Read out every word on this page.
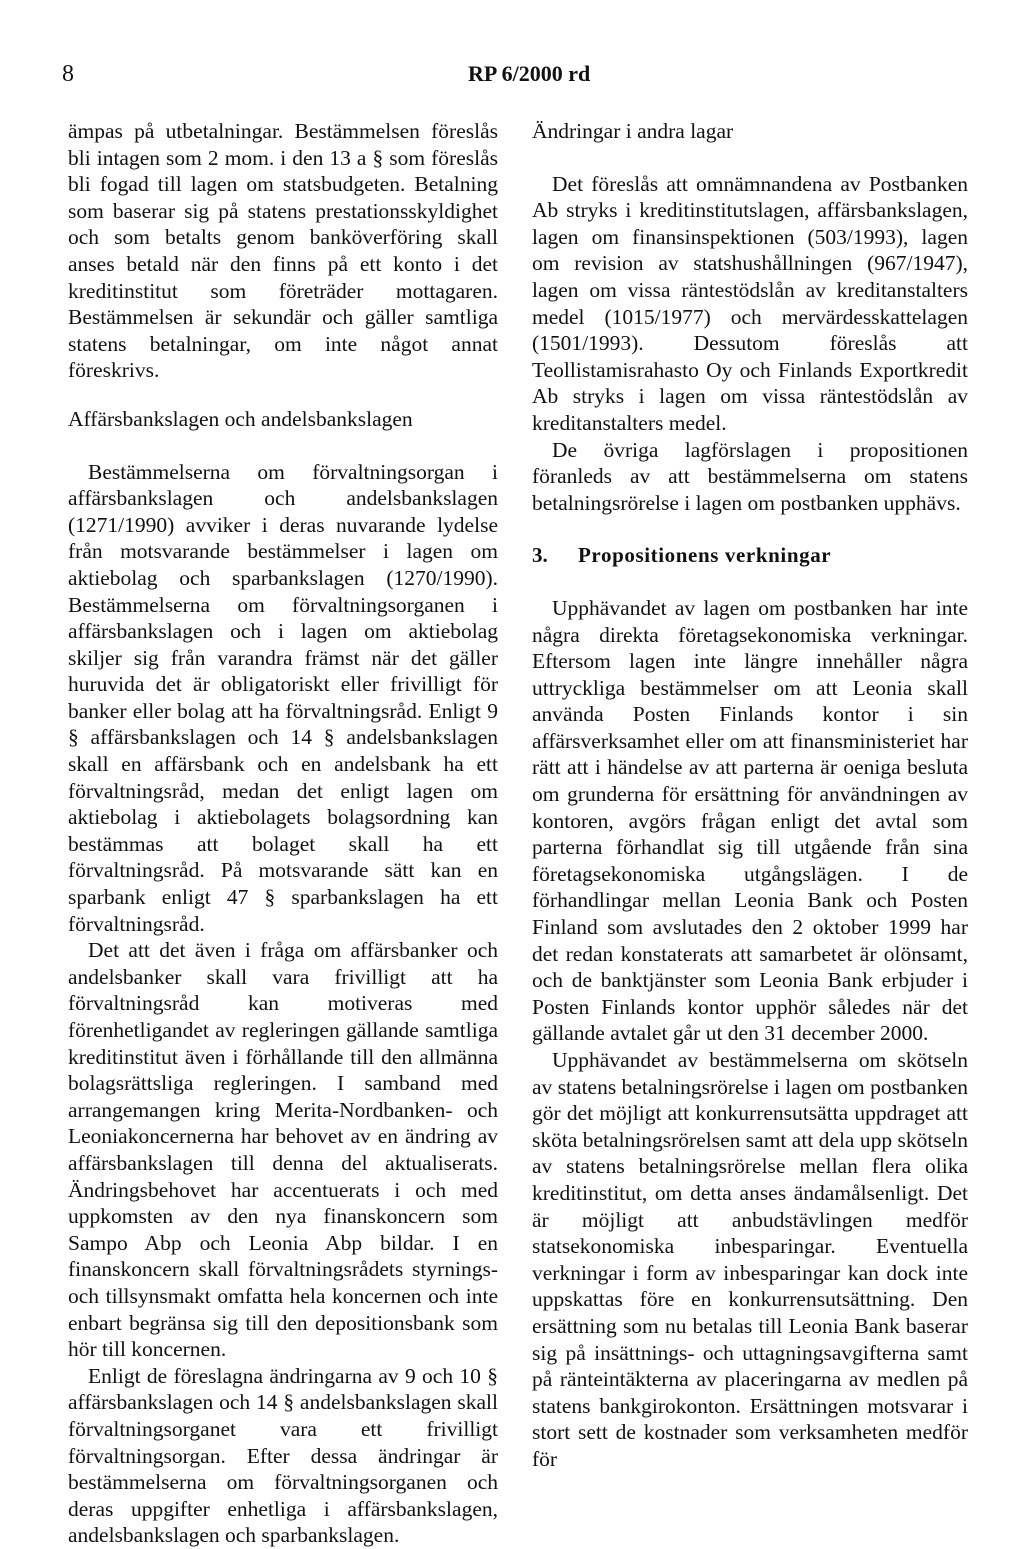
8	RP 6/2000 rd

ämpas på utbetalningar. Bestämmelsen föreslås bli intagen som 2 mom. i den 13 a § som föreslås bli fogad till lagen om statsbudgeten. Betalning som baserar sig på statens prestationsskyldighet och som betalts genom banköverföring skall anses betald när den finns på ett konto i det kreditinstitut som företräder mottagaren. Bestämmelsen är sekundär och gäller samtliga statens betalningar, om inte något annat föreskrivs.

Affärsbankslagen och andelsbankslagen

Bestämmelserna om förvaltningsorgan i affärsbankslagen och andelsbankslagen (1271/1990) avviker i deras nuvarande lydelse från motsvarande bestämmelser i lagen om aktiebolag och sparbankslagen (1270/1990). Bestämmelserna om förvaltningsorganen i affärsbankslagen och i lagen om aktiebolag skiljer sig från varandra främst när det gäller huruvida det är obligatoriskt eller frivilligt för banker eller bolag att ha förvaltningsråd. Enligt 9 § affärsbankslagen och 14 § andelsbankslagen skall en affärsbank och en andelsbank ha ett förvaltningsråd, medan det enligt lagen om aktiebolag i aktiebolagets bolagsordning kan bestämmas att bolaget skall ha ett förvaltningsråd. På motsvarande sätt kan en sparbank enligt 47 § sparbankslagen ha ett förvaltningsråd.

Det att det även i fråga om affärsbanker och andelsbanker skall vara frivilligt att ha förvaltningsråd kan motiveras med förenhetligandet av regleringen gällande samtliga kreditinstitut även i förhållande till den allmänna bolagsrättsliga regleringen. I samband med arrangemangen kring Merita-Nordbanken- och Leoniakoncernerna har behovet av en ändring av affärsbankslagen till denna del aktualiserats. Ändringsbehovet har accentuerats i och med uppkomsten av den nya finanskoncern som Sampo Abp och Leonia Abp bildar. I en finanskoncern skall förvaltningsrådets styrnings- och tillsynsmakt omfatta hela koncernen och inte enbart begränsa sig till den depositionsbank som hör till koncernen.

Enligt de föreslagna ändringarna av 9 och 10 § affärsbankslagen och 14 § andelsbankslagen skall förvaltningsorganet vara ett frivilligt förvaltningsorgan. Efter dessa ändringar är bestämmelserna om förvaltningsorganen och deras uppgifter enhetliga i affärsbankslagen, andelsbankslagen och sparbankslagen.

Ändringar i andra lagar

Det föreslås att omnämnandena av Postbanken Ab stryks i kreditinstitutslagen, affärsbankslagen, lagen om finansinspektionen (503/1993), lagen om revision av statshushållningen (967/1947), lagen om vissa räntestödslån av kreditanstalters medel (1015/1977) och mervärdesskattelagen (1501/1993). Dessutom föreslås att Teollistamisrahasto Oy och Finlands Exportkredit Ab stryks i lagen om vissa räntestödslån av kreditanstalters medel.

De övriga lagförslagen i propositionen föranleds av att bestämmelserna om statens betalningsrörelse i lagen om postbanken upphävs.

3. Propositionens verkningar

Upphävandet av lagen om postbanken har inte några direkta företagsekonomiska verkningar. Eftersom lagen inte längre innehåller några uttryckliga bestämmelser om att Leonia skall använda Posten Finlands kontor i sin affärsverksamhet eller om att finansministeriet har rätt att i händelse av att parterna är oeniga besluta om grunderna för ersättning för användningen av kontoren, avgörs frågan enligt det avtal som parterna förhandlat sig till utgående från sina företagsekonomiska utgångslägen. I de förhandlingar mellan Leonia Bank och Posten Finland som avslutades den 2 oktober 1999 har det redan konstaterats att samarbetet är olönsamt, och de banktjänster som Leonia Bank erbjuder i Posten Finlands kontor upphör således när det gällande avtalet går ut den 31 december 2000.

Upphävandet av bestämmelserna om skötseln av statens betalningsrörelse i lagen om postbanken gör det möjligt att konkurrensutsätta uppdraget att sköta betalningsrörelsen samt att dela upp skötseln av statens betalningsrörelse mellan flera olika kreditinstitut, om detta anses ändamålsenligt. Det är möjligt att anbudstävlingen medför statsekonomiska inbesparingar. Eventuella verkningar i form av inbesparingar kan dock inte uppskattas före en konkurrensutsättning. Den ersättning som nu betalas till Leonia Bank baserar sig på insättnings- och uttagningsavgifterna samt på ränteintäkterna av placeringarna av medlen på statens bankgirokonton. Ersättningen motsvarar i stort sett de kostnader som verksamheten medför för
